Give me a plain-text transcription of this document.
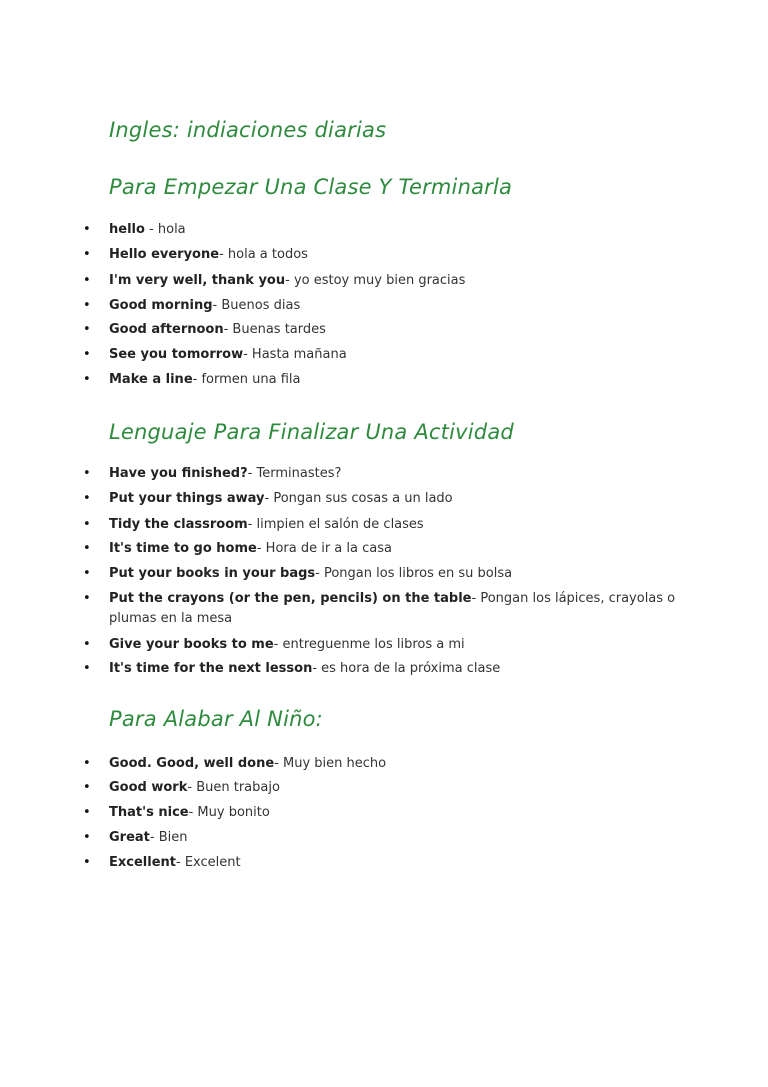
Ingles: indiaciones diarias
Para Empezar Una Clase Y Terminarla
• hello - hola
• Hello everyone- hola a todos
• I'm very well, thank you- yo estoy muy bien gracias
• Good morning- Buenos dias
• Good afternoon- Buenas tardes
• See you tomorrow- Hasta mañana
• Make a line- formen una fila
Lenguaje Para Finalizar Una Actividad
• Have you finished?- Terminastes?
• Put your things away- Pongan sus cosas a un lado
• Tidy the classroom- limpien el salón de clases
• It's time to go home- Hora de ir a la casa
• Put your books in your bags- Pongan los libros en su bolsa
• Put the crayons (or the pen, pencils) on the table- Pongan los lápices, crayolas o
plumas en la mesa
• Give your books to me- entreguenme los libros a mi
• It's time for the next lesson- es hora de la próxima clase
Para Alabar Al Niño:
• Good. Good, well done- Muy bien hecho
• Good work- Buen trabajo
• That's nice- Muy bonito
• Great- Bien
• Excellent- Excelent
